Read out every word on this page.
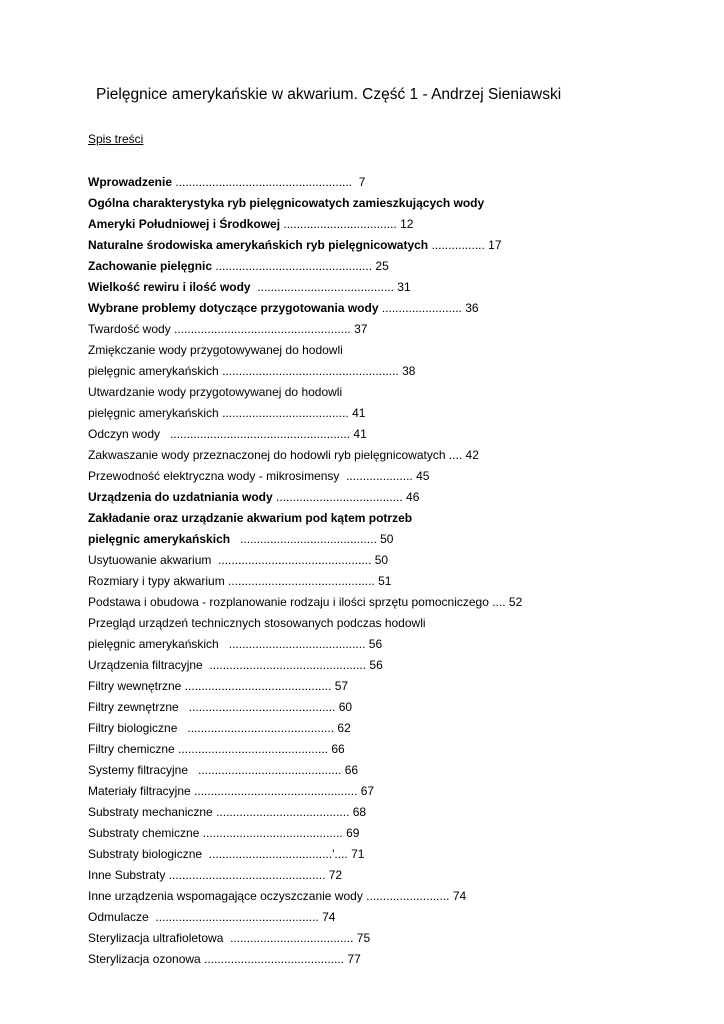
Pielęgnice amerykańskie w akwarium. Część 1 - Andrzej Sieniawski
Spis treści
Wprowadzenie .....................................................  7
Ogólna charakterystyka ryb pielęgnicowatych zamieszkujących wody
Ameryki Południowej i Środkowej .................................. 12
Naturalne środowiska amerykańskich ryb pielęgnicowatych ................ 17
Zachowanie pielęgnic ............................................... 25
Wielkość rewiru i ilość wody  ......................................... 31
Wybrane problemy dotyczące przygotowania wody ........................ 36
Twardość wody ..................................................... 37
Zmiękczanie wody przygotowywanej do hodowli
pielęgnic amerykańskich ..................................................... 38
Utwardzanie wody przygotowywanej do hodowli
pielęgnic amerykańskich ...................................... 41
Odczyn wody   ...................................................... 41
Zakwaszanie wody przeznaczonej do hodowli ryb pielęgnicowatych .... 42
Przewodność elektryczna wody - mikrosimensy  .................... 45
Urządzenia do uzdatniania wody ...................................... 46
Zakładanie oraz urządzanie akwarium pod kątem potrzeb
pielęgnic amerykańskich   ......................................... 50
Usytuowanie akwarium  .............................................. 50
Rozmiary i typy akwarium ............................................ 51
Podstawa i obudowa - rozplanowanie rodzaju i ilości sprzętu pomocniczego .... 52
Przegląd urządzeń technicznych stosowanych podczas hodowli
pielęgnic amerykańskich   ......................................... 56
Urządzenia filtracyjne  ............................................... 56
Filtry wewnętrzne ............................................ 57
Filtry zewnętrzne   ............................................ 60
Filtry biologiczne   ............................................ 62
Filtry chemiczne ............................................. 66
Systemy filtracyjne   ........................................... 66
Materiały filtracyjne ................................................. 67
Substraty mechaniczne ........................................ 68
Substraty chemiczne .......................................... 69
Substraty biologiczne  .....................................'.... 71
Inne Substraty ............................................... 72
Inne urządzenia wspomagające oczyszczanie wody ......................... 74
Odmulacze  ................................................. 74
Sterylizacja ultrafioletowa  ..................................... 75
Sterylizacja ozonowa .......................................... 77
